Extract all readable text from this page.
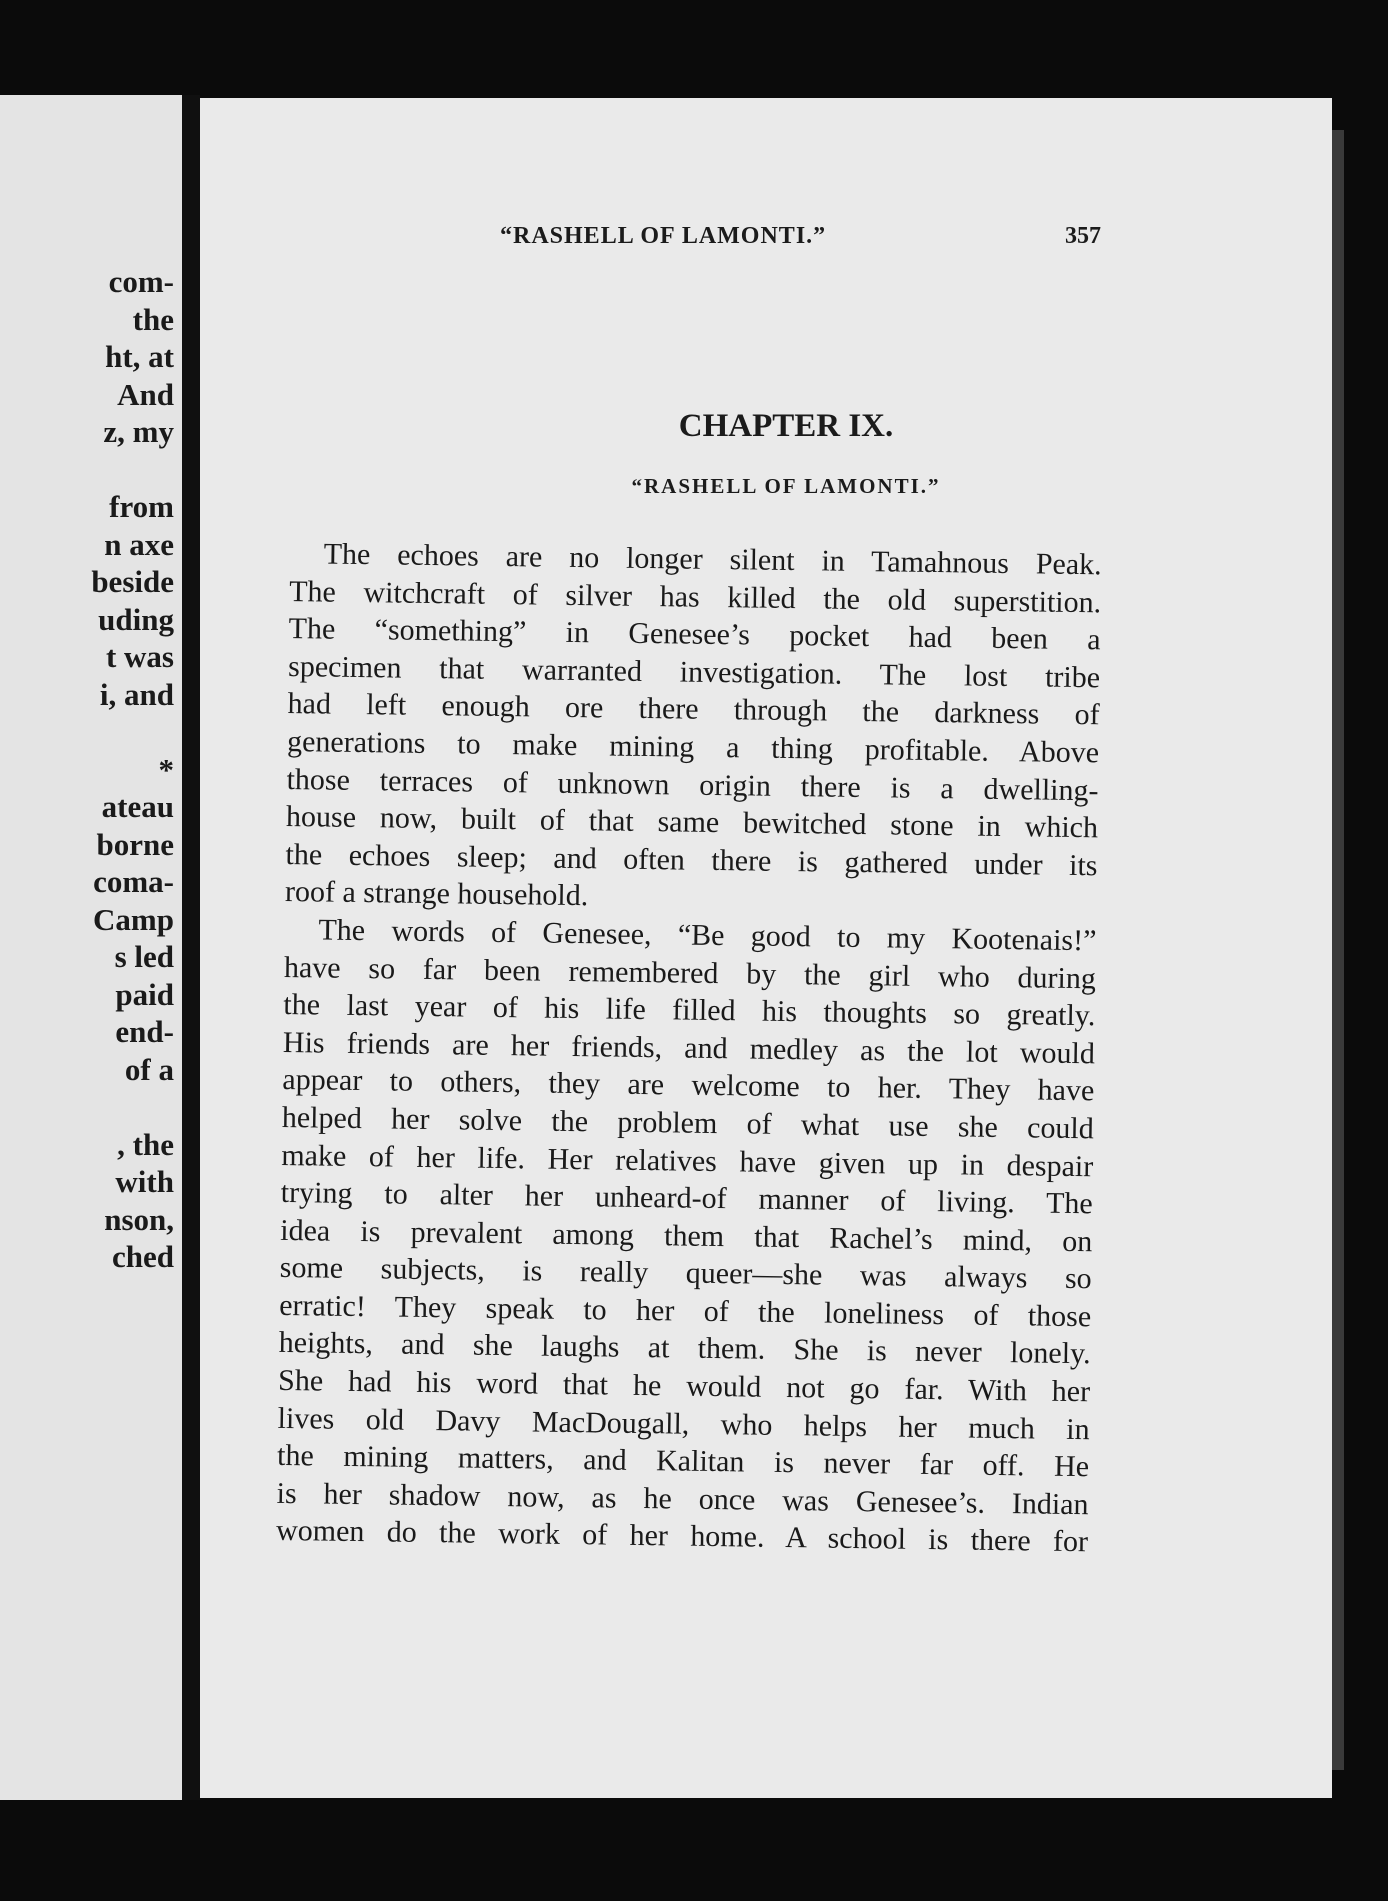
com-
the
ht, at
And
z, my
from
n axe
beside
uding
t was
i, and
*
ateau
borne
coma-
Camp
s led
paid
end-
of a
, the
with
nson,
ched
“RASHELL OF LAMONTI.”	357
CHAPTER IX.
“RASHELL OF LAMONTI.”
The echoes are no longer silent in Tamahnous Peak.
The witchcraft of silver has killed the old superstition.
The “something” in Genesee’s pocket had been a
specimen that warranted investigation. The lost tribe
had left enough ore there through the darkness of
generations to make mining a thing profitable. Above
those terraces of unknown origin there is a dwelling-
house now, built of that same bewitched stone in which
the echoes sleep; and often there is gathered under its
roof a strange household.
The words of Genesee, “Be good to my Kootenais!”
have so far been remembered by the girl who during
the last year of his life filled his thoughts so greatly.
His friends are her friends, and medley as the lot would
appear to others, they are welcome to her. They have
helped her solve the problem of what use she could
make of her life. Her relatives have given up in despair
trying to alter her unheard-of manner of living. The
idea is prevalent among them that Rachel’s mind, on
some subjects, is really queer—she was always so
erratic! They speak to her of the loneliness of those
heights, and she laughs at them. She is never lonely.
She had his word that he would not go far. With her
lives old Davy MacDougall, who helps her much in
the mining matters, and Kalitan is never far off. He
is her shadow now, as he once was Genesee’s. Indian
women do the work of her home. A school is there for
